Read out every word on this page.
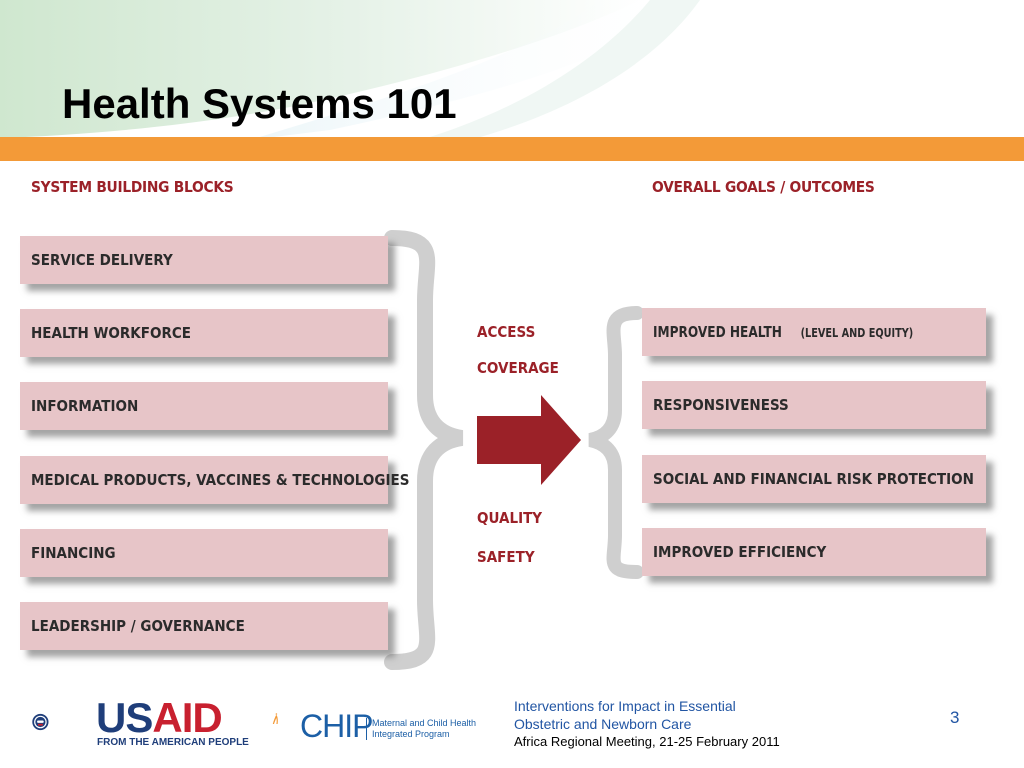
Health Systems 101
SYSTEM BUILDING BLOCKS	OVERALL GOALS / OUTCOMES
SERVICE DELIVERY
HEALTH WORKFORCE
INFORMATION
MEDICAL PRODUCTS, VACCINES & TECHNOLOGIES
FINANCING
LEADERSHIP / GOVERNANCE
ACCESS
COVERAGE
QUALITY
SAFETY
IMPROVED HEALTH (LEVEL AND EQUITY)
RESPONSIVENESS
SOCIAL AND FINANCIAL RISK PROTECTION
IMPROVED EFFICIENCY
USAID
FROM THE AMERICAN PEOPLE CHIP Maternal and Child Health
Integrated Program
Interventions for Impact in Essential
Obstetric and Newborn Care
Africa Regional Meeting, 21-25 February 2011
3
